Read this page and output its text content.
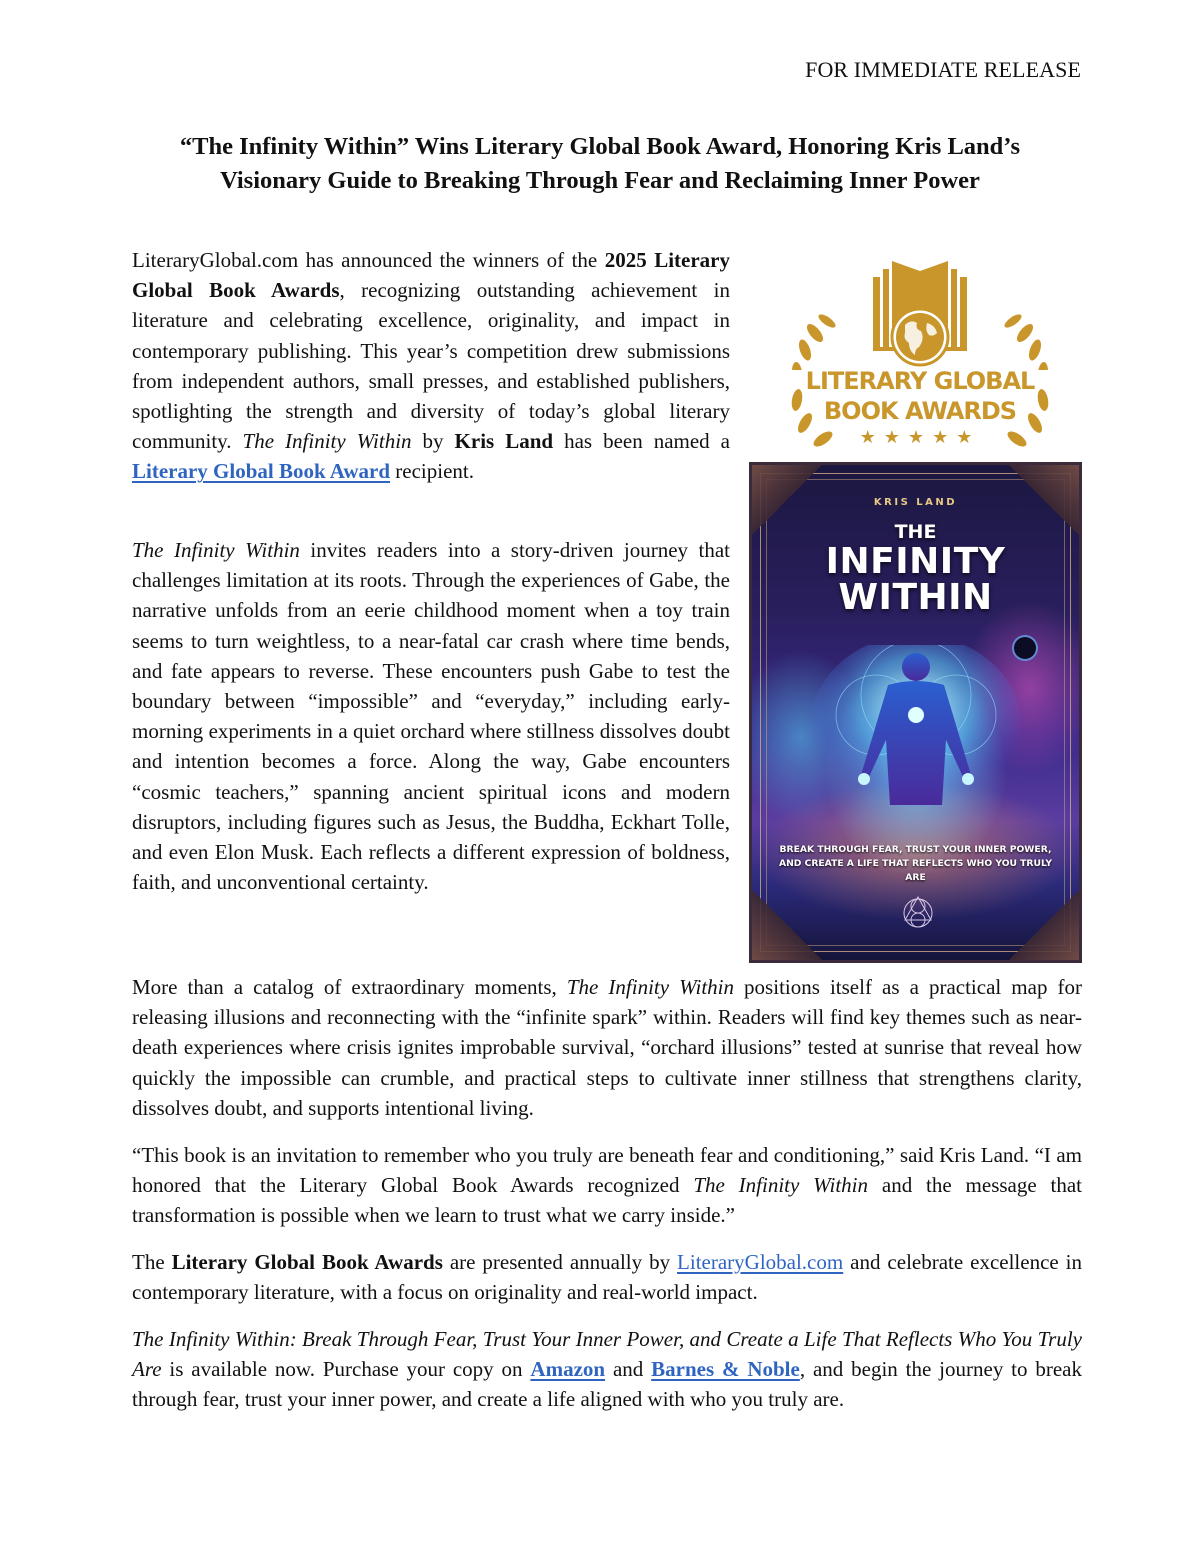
FOR IMMEDIATE RELEASE
“The Infinity Within” Wins Literary Global Book Award, Honoring Kris Land’s
Visionary Guide to Breaking Through Fear and Reclaiming Inner Power

LiteraryGlobal.com has announced the winners of the 2025 Literary Global Book Awards, recognizing outstanding achievement in literature and celebrating excellence, originality, and impact in contemporary publishing. This year’s competition drew submissions from independent authors, small presses, and established publishers, spotlighting the strength and diversity of today’s global literary community. The Infinity Within by Kris Land has been named a Literary Global Book Award recipient.

The Infinity Within invites readers into a story-driven journey that challenges limitation at its roots. Through the experiences of Gabe, the narrative unfolds from an eerie childhood moment when a toy train seems to turn weightless, to a near-fatal car crash where time bends, and fate appears to reverse. These encounters push Gabe to test the boundary between “impossible” and “everyday,” including early-morning experiments in a quiet orchard where stillness dissolves doubt and intention becomes a force. Along the way, Gabe encounters “cosmic teachers,” spanning ancient spiritual icons and modern disruptors, including figures such as Jesus, the Buddha, Eckhart Tolle, and even Elon Musk. Each reflects a different expression of boldness, faith, and unconventional certainty.

More than a catalog of extraordinary moments, The Infinity Within positions itself as a practical map for releasing illusions and reconnecting with the “infinite spark” within. Readers will find key themes such as near-death experiences where crisis ignites improbable survival, “orchard illusions” tested at sunrise that reveal how quickly the impossible can crumble, and practical steps to cultivate inner stillness that strengthens clarity, dissolves doubt, and supports intentional living.

“This book is an invitation to remember who you truly are beneath fear and conditioning,” said Kris Land. “I am honored that the Literary Global Book Awards recognized The Infinity Within and the message that transformation is possible when we learn to trust what we carry inside.”

The Literary Global Book Awards are presented annually by LiteraryGlobal.com and celebrate excellence in contemporary literature, with a focus on originality and real-world impact.

The Infinity Within: Break Through Fear, Trust Your Inner Power, and Create a Life That Reflects Who You Truly Are is available now. Purchase your copy on Amazon and Barnes & Noble, and begin the journey to break through fear, trust your inner power, and create a life aligned with who you truly are.

LITERARY GLOBAL
BOOK AWARDS
★★★★★
KRIS LAND
THE
INFINITY
WITHIN
BREAK THROUGH FEAR, TRUST YOUR INNER POWER, AND CREATE A LIFE THAT REFLECTS WHO YOU TRULY ARE
